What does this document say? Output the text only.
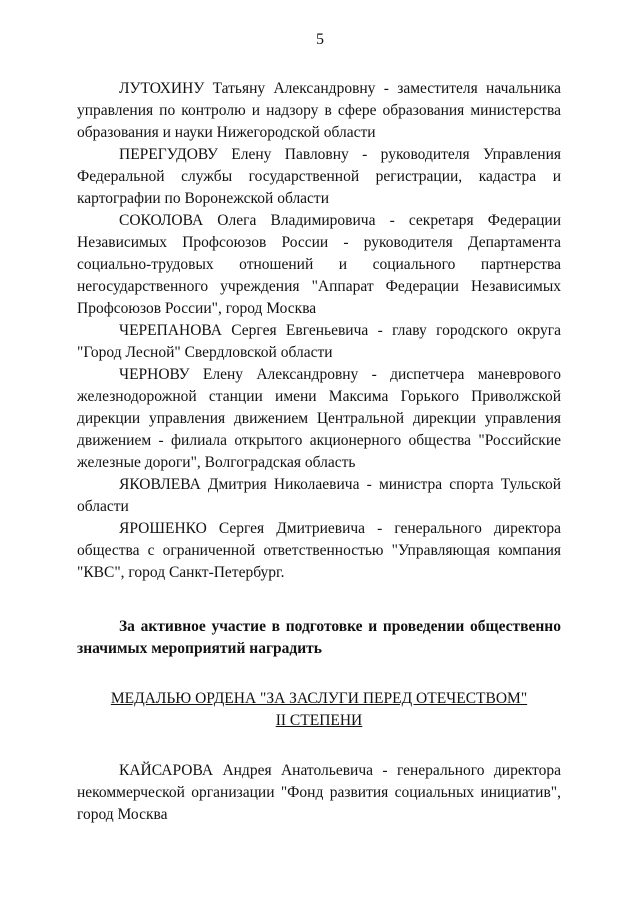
5

ЛУТОХИНУ Татьяну Александровну - заместителя начальника управления по контролю и надзору в сфере образования министерства образования и науки Нижегородской области

ПЕРЕГУДОВУ Елену Павловну - руководителя Управления Федеральной службы государственной регистрации, кадастра и картографии по Воронежской области

СОКОЛОВА Олега Владимировича - секретаря Федерации Независимых Профсоюзов России - руководителя Департамента социально-трудовых отношений и социального партнерства негосударственного учреждения "Аппарат Федерации Независимых Профсоюзов России", город Москва

ЧЕРЕПАНОВА Сергея Евгеньевича - главу городского округа "Город Лесной" Свердловской области

ЧЕРНОВУ Елену Александровну - диспетчера маневрового железнодорожной станции имени Максима Горького Приволжской дирекции управления движением Центральной дирекции управления движением - филиала открытого акционерного общества "Российские железные дороги", Волгоградская область

ЯКОВЛЕВА Дмитрия Николаевича - министра спорта Тульской области

ЯРОШЕНКО Сергея Дмитриевича - генерального директора общества с ограниченной ответственностью "Управляющая компания "КВС", город Санкт-Петербург.

За активное участие в подготовке и проведении общественно значимых мероприятий наградить

МЕДАЛЬЮ ОРДЕНА "ЗА ЗАСЛУГИ ПЕРЕД ОТЕЧЕСТВОМ"
II СТЕПЕНИ

КАЙСАРОВА Андрея Анатольевича - генерального директора некоммерческой организации "Фонд развития социальных инициатив", город Москва
